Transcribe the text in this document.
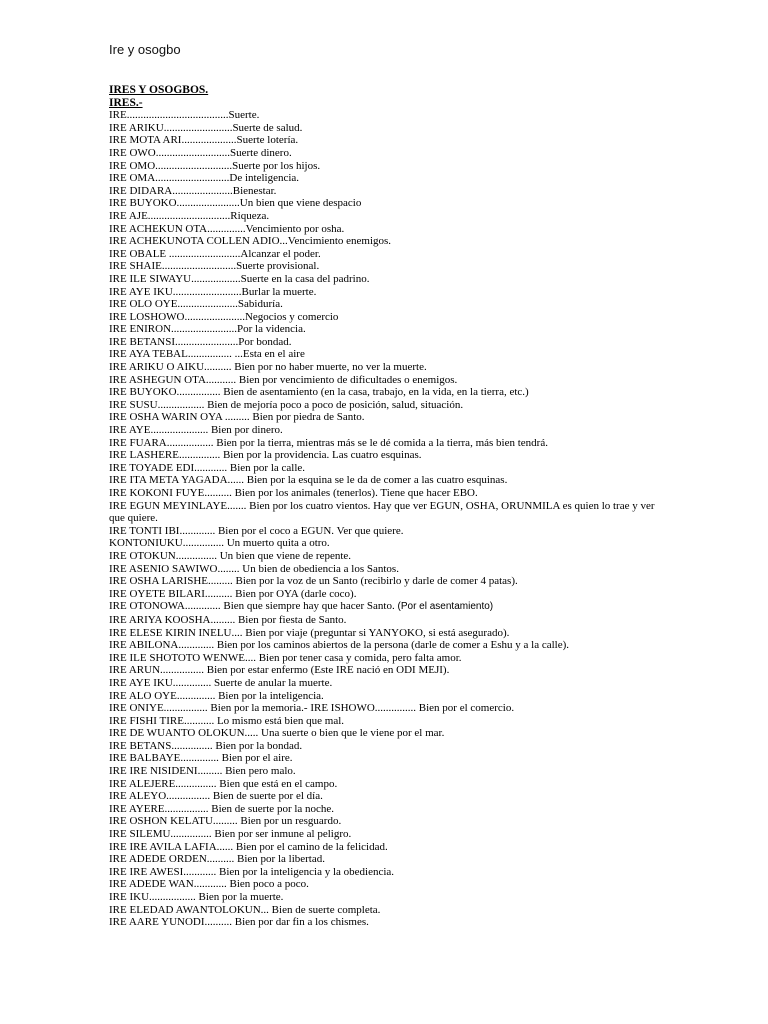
Ire y osogbo
IRES Y OSOGBOS.
IRES.-
IRE.....................................Suerte.
IRE ARIKU.........................Suerte de salud.
IRE MOTA ARI....................Suerte lotería.
IRE OWO...........................Suerte dinero.
IRE OMO............................Suerte por los hijos.
IRE OMA...........................De inteligencia.
IRE DIDARA......................Bienestar.
IRE BUYOKO.......................Un bien que viene despacio
IRE AJE..............................Riqueza.
IRE ACHEKUN OTA..............Vencimiento por osha.
IRE ACHEKUNOTA COLLEN ADIO...Vencimiento enemigos.
IRE OBALE ..........................Alcanzar el poder.
IRE SHAIE...........................Suerte provisional.
IRE ILE SIWAYU..................Suerte en la casa del padrino.
IRE AYE IKU.........................Burlar la muerte.
IRE OLO OYE......................Sabiduría.
IRE LOSHOWO......................Negocios y comercio
IRE ENIRON........................Por la videncia.
IRE BETANSI.......................Por bondad.
IRE AYA TEBAL................ ...Esta en el aire
IRE ARIKU O AIKU.......... Bien por no haber muerte, no ver la muerte.
IRE ASHEGUN OTA........... Bien por vencimiento de dificultades o enemigos.
IRE BUYOKO................ Bien de asentamiento (en la casa, trabajo, en la vida, en la tierra, etc.)
IRE SUSU................. Bien de mejoría poco a poco de posición, salud, situación.
IRE OSHA WARIN OYA ......... Bien por piedra de Santo.
IRE AYE..................... Bien por dinero.
IRE FUARA................. Bien por la tierra, mientras más se le dé comida a la tierra, más bien tendrá.
IRE LASHERE............... Bien por la providencia. Las cuatro esquinas.
IRE TOYADE EDI............ Bien por la calle.
IRE ITA META YAGADA...... Bien por la esquina se le da de comer a las cuatro esquinas.
IRE KOKONI FUYE.......... Bien por los animales (tenerlos). Tiene que hacer EBO.
IRE EGUN MEYINLAYE....... Bien por los cuatro vientos. Hay que ver EGUN, OSHA, ORUNMILA es quien lo trae y ver que quiere.
IRE TONTI IBI............. Bien por el coco a EGUN. Ver que quiere.
KONTONIUKU............... Un muerto quita a otro.
IRE OTOKUN............... Un bien que viene de repente.
IRE ASENIO SAWIWO........ Un bien de obediencia a los Santos.
IRE OSHA LARISHE......... Bien por la voz de un Santo (recibirlo y darle de comer 4 patas).
IRE OYETE BILARI.......... Bien por OYA (darle coco).
IRE OTONOWA............. Bien que siempre hay que hacer Santo. (Por el asentamiento)
IRE ARIYA KOOSHA......... Bien por fiesta de Santo.
IRE ELESE KIRIN INELU.... Bien por viaje (preguntar si YANYOKO, si está asegurado).
IRE ABILONA............. Bien por los caminos abiertos de la persona (darle de comer a Eshu y a la calle).
IRE ILE SHOTOTO WENWE.... Bien por tener casa y comida, pero falta amor.
IRE ARUN................ Bien por estar enfermo (Este IRE nació en ODI MEJI).
IRE AYE IKU.............. Suerte de anular la muerte.
IRE ALO OYE.............. Bien por la inteligencia.
IRE ONIYE................ Bien por la memoria.- IRE ISHOWO............... Bien por el comercio.
IRE FISHI TIRE........... Lo mismo está bien que mal.
IRE DE WUANTO OLOKUN..... Una suerte o bien que le viene por el mar.
IRE BETANS............... Bien por la bondad.
IRE BALBAYE.............. Bien por el aire.
IRE IRE NISIDENI......... Bien pero malo.
IRE ALEJERE............... Bien que está en el campo.
IRE ALEYO................ Bien de suerte por el día.
IRE AYERE................ Bien de suerte por la noche.
IRE OSHON KELATU......... Bien por un resguardo.
IRE SILEMU............... Bien por ser inmune al peligro.
IRE IRE AVILA LAFIA...... Bien por el camino de la felicidad.
IRE ADEDE ORDEN.......... Bien por la libertad.
IRE IRE AWESI............ Bien por la inteligencia y la obediencia.
IRE ADEDE WAN............ Bien poco a poco.
IRE IKU................. Bien por la muerte.
IRE ELEDAD AWANTOLOKUN... Bien de suerte completa.
IRE AARE YUNODI.......... Bien por dar fin a los chismes.
